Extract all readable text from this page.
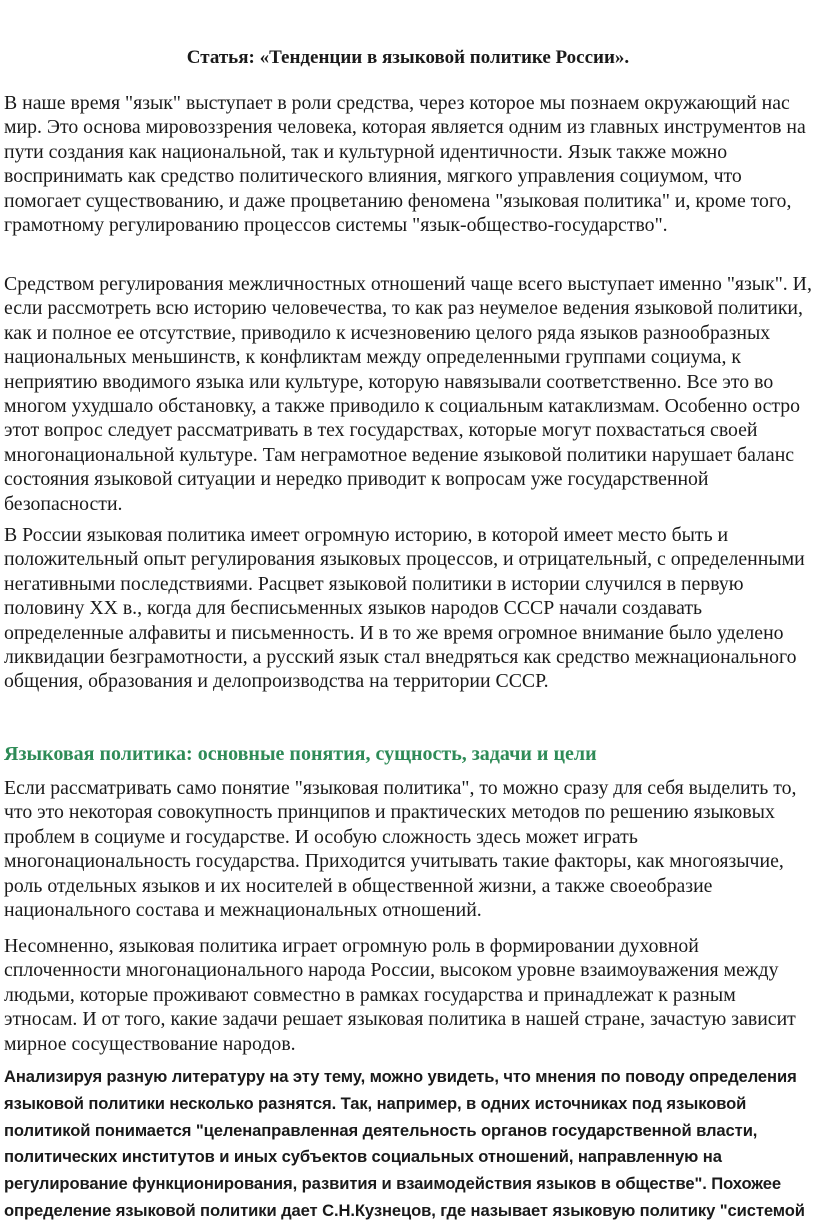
Статья: «Тенденции в языковой политике России».

В наше время "язык" выступает в роли средства, через которое мы познаем окружающий нас мир. Это основа мировоззрения человека, которая является одним из главных инструментов на пути создания как национальной, так и культурной идентичности. Язык также можно воспринимать как средство политического влияния, мягкого управления социумом, что помогает существованию, и даже процветанию феномена "языковая политика" и, кроме того, грамотному регулированию процессов системы "язык-общество-государство".

Средством регулирования межличностных отношений чаще всего выступает именно "язык". И, если рассмотреть всю историю человечества, то как раз неумелое ведения языковой политики, как и полное ее отсутствие, приводило к исчезновению целого ряда языков разнообразных национальных меньшинств, к конфликтам между определенными группами социума, к неприятию вводимого языка или культуре, которую навязывали соответственно. Все это во многом ухудшало обстановку, а также приводило к социальным катаклизмам. Особенно остро этот вопрос следует рассматривать в тех государствах, которые могут похвастаться своей многонациональной культуре. Там неграмотное ведение языковой политики нарушает баланс состояния языковой ситуации и нередко приводит к вопросам уже государственной безопасности.

В России языковая политика имеет огромную историю, в которой имеет место быть и положительный опыт регулирования языковых процессов, и отрицательный, с определенными негативными последствиями. Расцвет языковой политики в истории случился в первую половину XX в., когда для бесписьменных языков народов СССР начали создавать определенные алфавиты и письменность. И в то же время огромное внимание было уделено ликвидации безграмотности, а русский язык стал внедряться как средство межнационального общения, образования и делопроизводства на территории СССР.

Языковая политика: основные понятия, сущность, задачи и цели

Если рассматривать само понятие "языковая политика", то можно сразу для себя выделить то, что это некоторая совокупность принципов и практических методов по решению языковых проблем в социуме и государстве. И особую сложность здесь может играть многонациональность государства. Приходится учитывать такие факторы, как многоязычие, роль отдельных языков и их носителей в общественной жизни, а также своеобразие национального состава и межнациональных отношений.

Несомненно, языковая политика играет огромную роль в формировании духовной сплоченности многонационального народа России, высоком уровне взаимоуважения между людьми, которые проживают совместно в рамках государства и принадлежат к разным этносам. И от того, какие задачи решает языковая политика в нашей стране, зачастую зависит мирное сосуществование народов.

Анализируя разную литературу на эту тему, можно увидеть, что мнения по поводу определения языковой политики несколько разнятся. Так, например, в одних источниках под языковой политикой понимается "целенаправленная деятельность органов государственной власти, политических институтов и иных субъектов социальных отношений, направленную на регулирование функционирования, развития и взаимодействия языков в обществе". Похожее определение языковой политики дает С.Н.Кузнецов, где называет языковую политику "системой
